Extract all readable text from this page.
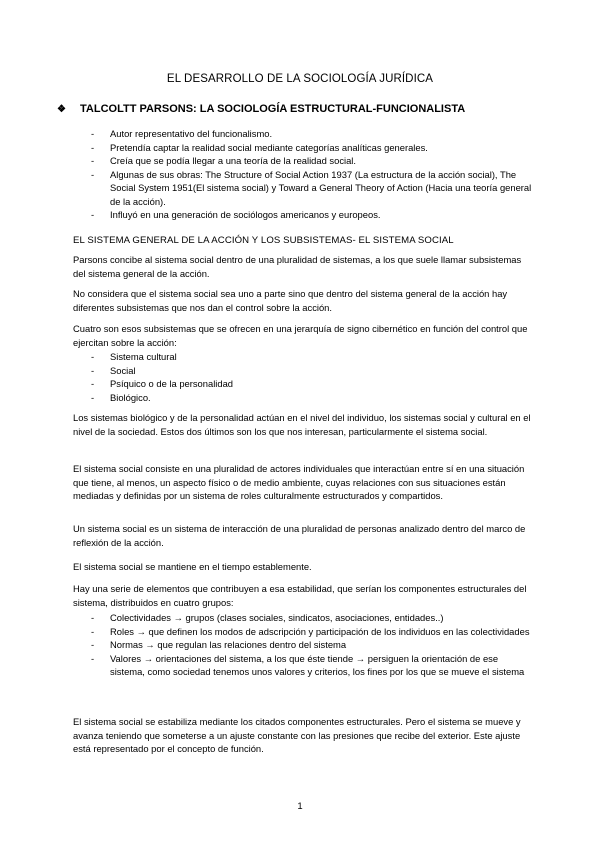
EL DESARROLLO DE LA SOCIOLOGÍA JURÍDICA
❖	TALCOLTT PARSONS: LA SOCIOLOGÍA ESTRUCTURAL-FUNCIONALISTA
- Autor representativo del funcionalismo.
- Pretendía captar la realidad social mediante categorías analíticas generales.
- Creía que se podía llegar a una teoría de la realidad social.
- Algunas de sus obras: The Structure of Social Action 1937 (La estructura de la acción social), The Social System 1951(El sistema social) y Toward a General Theory of Action (Hacia una teoría general de la acción).
- Influyó en una generación de sociólogos americanos y europeos.
EL SISTEMA GENERAL DE LA ACCIÓN Y LOS SUBSISTEMAS- EL SISTEMA SOCIAL
Parsons concibe al sistema social dentro de una pluralidad de sistemas, a los que suele llamar subsistemas del sistema general de la acción.
No considera que el sistema social sea uno a parte sino que dentro del sistema general de la acción hay diferentes subsistemas que nos dan el control sobre la acción.
Cuatro son esos subsistemas que se ofrecen en una jerarquía de signo cibernético en función del control que ejercitan sobre la acción:
- Sistema cultural
- Social
- Psíquico o de la personalidad
- Biológico.
Los sistemas biológico y de la personalidad actúan en el nivel del individuo, los sistemas social y cultural en el nivel de la sociedad. Estos dos últimos son los que nos interesan, particularmente el sistema social.
El sistema social consiste en una pluralidad de actores individuales que interactúan entre sí en una situación que tiene, al menos, un aspecto físico o de medio ambiente, cuyas relaciones con sus situaciones están mediadas y definidas por un sistema de roles culturalmente estructurados y compartidos.
Un sistema social es un sistema de interacción de una pluralidad de personas analizado dentro del marco de reflexión de la acción.
El sistema social se mantiene en el tiempo establemente.
Hay una serie de elementos que contribuyen a esa estabilidad, que serían los componentes estructurales del sistema, distribuidos en cuatro grupos:
- Colectividades → grupos (clases sociales, sindicatos, asociaciones, entidades..)
- Roles → que definen los modos de adscripción y participación de los individuos en las colectividades
- Normas → que regulan las relaciones dentro del sistema
- Valores → orientaciones del sistema, a los que éste tiende → persiguen la orientación de ese sistema, como sociedad tenemos unos valores y criterios, los fines por los que se mueve el sistema
El sistema social se estabiliza mediante los citados componentes estructurales. Pero el sistema se mueve y avanza teniendo que someterse a un ajuste constante con las presiones que recibe del exterior. Este ajuste está representado por el concepto de función.
1
